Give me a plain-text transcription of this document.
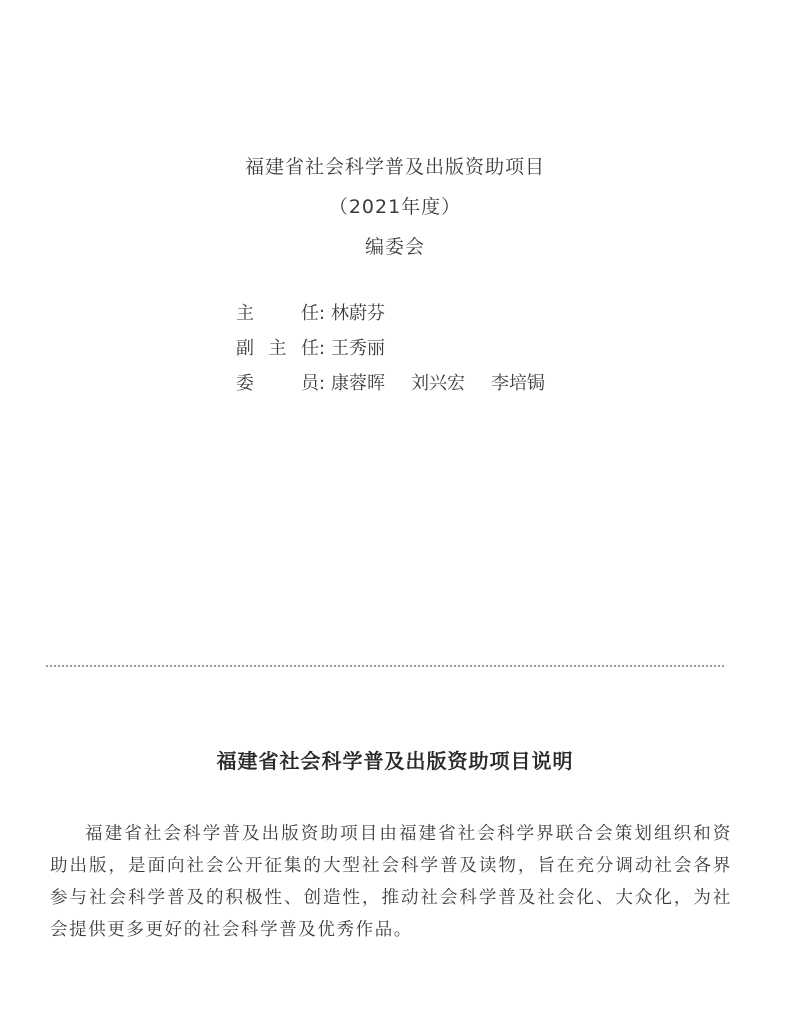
福建省社会科学普及出版资助项目
（2021年度）
编委会
主任 : 林蔚芬
副主任 : 王秀丽
委员 : 康蓉晖 刘兴宏 李培锔
福建省社会科学普及出版资助项目说明

福建省社会科学普及出版资助项目由福建省社会科学界联合会策划组织和资助出版，是面向社会公开征集的大型社会科学普及读物，旨在充分调动社会各界参与社会科学普及的积极性、创造性，推动社会科学普及社会化、大众化，为社会提供更多更好的社会科学普及优秀作品。
